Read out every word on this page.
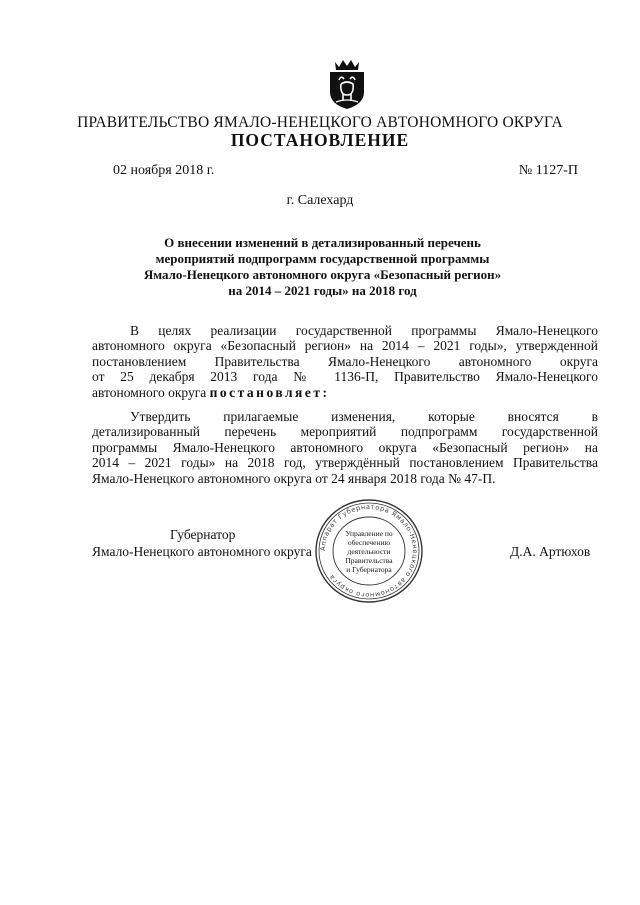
ПРАВИТЕЛЬСТВО ЯМАЛО-НЕНЕЦКОГО АВТОНОМНОГО ОКРУГА
ПОСТАНОВЛЕНИЕ
02 ноября 2018 г.	№ 1127-П
г. Салехард
О внесении изменений в детализированный перечень
мероприятий подпрограмм государственной программы
Ямало-Ненецкого автономного округа «Безопасный регион»
на 2014 – 2021 годы» на 2018 год
В целях реализации государственной программы Ямало-Ненецкого
автономного округа «Безопасный регион» на 2014 – 2021 годы», утвержденной
постановлением Правительства Ямало-Ненецкого автономного округа
от 25 декабря 2013 года № 1136-П, Правительство Ямало-Ненецкого
автономного округа постановляет:
Утвердить прилагаемые изменения, которые вносятся в
детализированный перечень мероприятий подпрограмм государственной
программы Ямало-Ненецкого автономного округа «Безопасный регион» на
2014 – 2021 годы» на 2018 год, утверждённый постановлением Правительства
Ямало-Ненецкого автономного округа от 24 января 2018 года № 47-П.
Губернатор
Ямало-Ненецкого автономного округа	Д.А. Артюхов
Аппарат Губернатора Ямало-Ненецкого автономного округа
Управление по
обеспечению
деятельности
Правительства
и Губернатора
